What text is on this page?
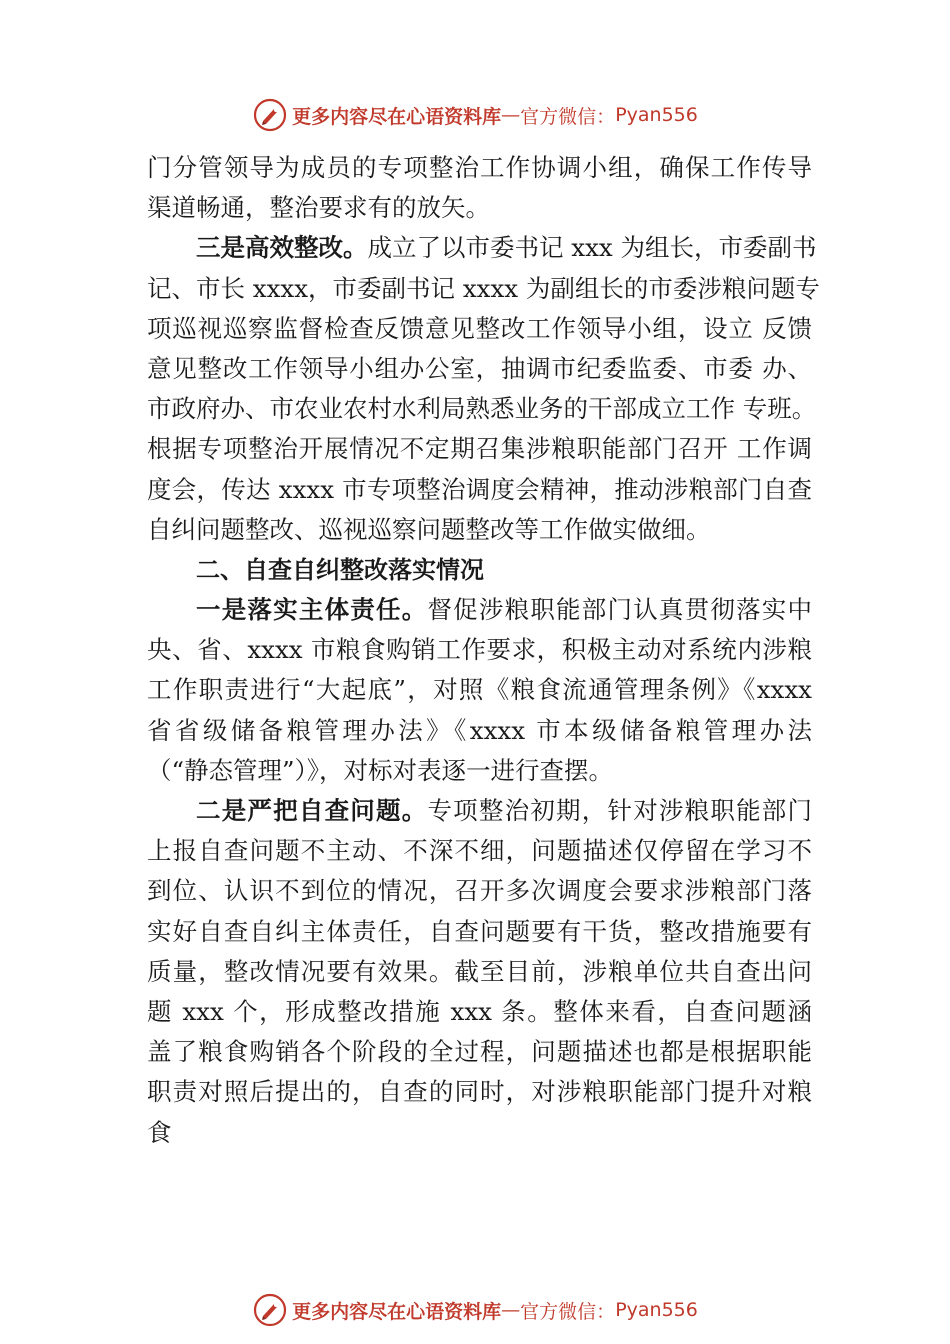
更多内容尽在心语资料库 — 官方微信： Pyan556
门分管领导为成员的专项整治工作协调小组，确保工作传导
渠道畅通，整治要求有的放矢。
三是高效整改。成立了以市委书记 xxx 为组长，市委副书
记、市长 xxxx，市委副书记 xxxx 为副组长的市委涉粮问题专
项巡视巡察监督检查反馈意见整改工作领导小组，设立 反馈
意见整改工作领导小组办公室，抽调市纪委监委、市委 办、
市政府办、市农业农村水利局熟悉业务的干部成立工作 专班。
根据专项整治开展情况不定期召集涉粮职能部门召开 工作调
度会，传达 xxxx 市专项整治调度会精神，推动涉粮部门自查
自纠问题整改、巡视巡察问题整改等工作做实做细。
二、自查自纠整改落实情况
一是落实主体责任。督促涉粮职能部门认真贯彻落实中
央、省、xxxx 市粮食购销工作要求，积极主动对系统内涉粮
工作职责进行“大起底”，对照《粮食流通管理条例》《xxxx
省省级储备粮管理办法》《xxxx 市本级储备粮管理办法
（“静态管理”）》，对标对表逐一进行查摆。
二是严把自查问题。专项整治初期，针对涉粮职能部门
上报自查问题不主动、不深不细，问题描述仅停留在学习不
到位、认识不到位的情况，召开多次调度会要求涉粮部门落
实好自查自纠主体责任，自查问题要有干货，整改措施要有
质量，整改情况要有效果。截至目前，涉粮单位共自查出问
题 xxx 个，形成整改措施 xxx 条。整体来看，自查问题涵
盖了粮食购销各个阶段的全过程，问题描述也都是根据职能
职责对照后提出的，自查的同时，对涉粮职能部门提升对粮
食
更多内容尽在心语资料库 — 官方微信： Pyan556
